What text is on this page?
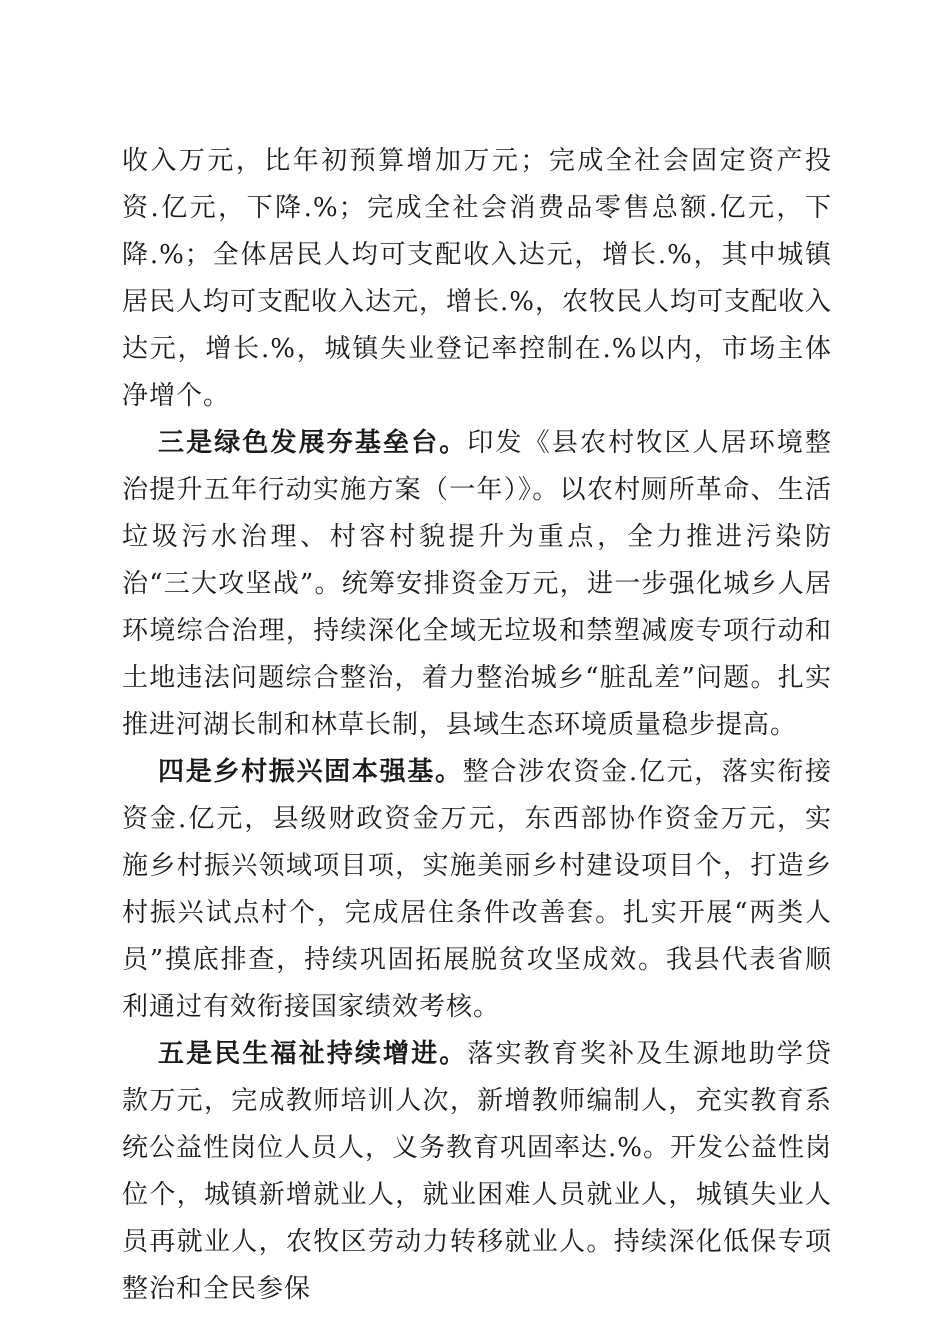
收入万元，比年初预算增加万元；完成全社会固定资产投资.亿元，下降.%；完成全社会消费品零售总额.亿元，下降.%；全体居民人均可支配收入达元，增长.%，其中城镇居民人均可支配收入达元，增长.%，农牧民人均可支配收入达元，增长.%，城镇失业登记率控制在.%以内，市场主体净增个。

三是绿色发展夯基垒台。印发《县农村牧区人居环境整治提升五年行动实施方案（一年）》。以农村厕所革命、生活垃圾污水治理、村容村貌提升为重点，全力推进污染防治“三大攻坚战”。统筹安排资金万元，进一步强化城乡人居环境综合治理，持续深化全域无垃圾和禁塑减废专项行动和土地违法问题综合整治，着力整治城乡“脏乱差”问题。扎实推进河湖长制和林草长制，县域生态环境质量稳步提高。

四是乡村振兴固本强基。整合涉农资金.亿元，落实衔接资金.亿元，县级财政资金万元，东西部协作资金万元，实施乡村振兴领域项目项，实施美丽乡村建设项目个，打造乡村振兴试点村个，完成居住条件改善套。扎实开展“两类人员”摸底排查，持续巩固拓展脱贫攻坚成效。我县代表省顺利通过有效衔接国家绩效考核。

五是民生福祉持续增进。落实教育奖补及生源地助学贷款万元，完成教师培训人次，新增教师编制人，充实教育系统公益性岗位人员人，义务教育巩固率达.%。开发公益性岗位个，城镇新增就业人，就业困难人员就业人，城镇失业人员再就业人，农牧区劳动力转移就业人。持续深化低保专项整治和全民参保
